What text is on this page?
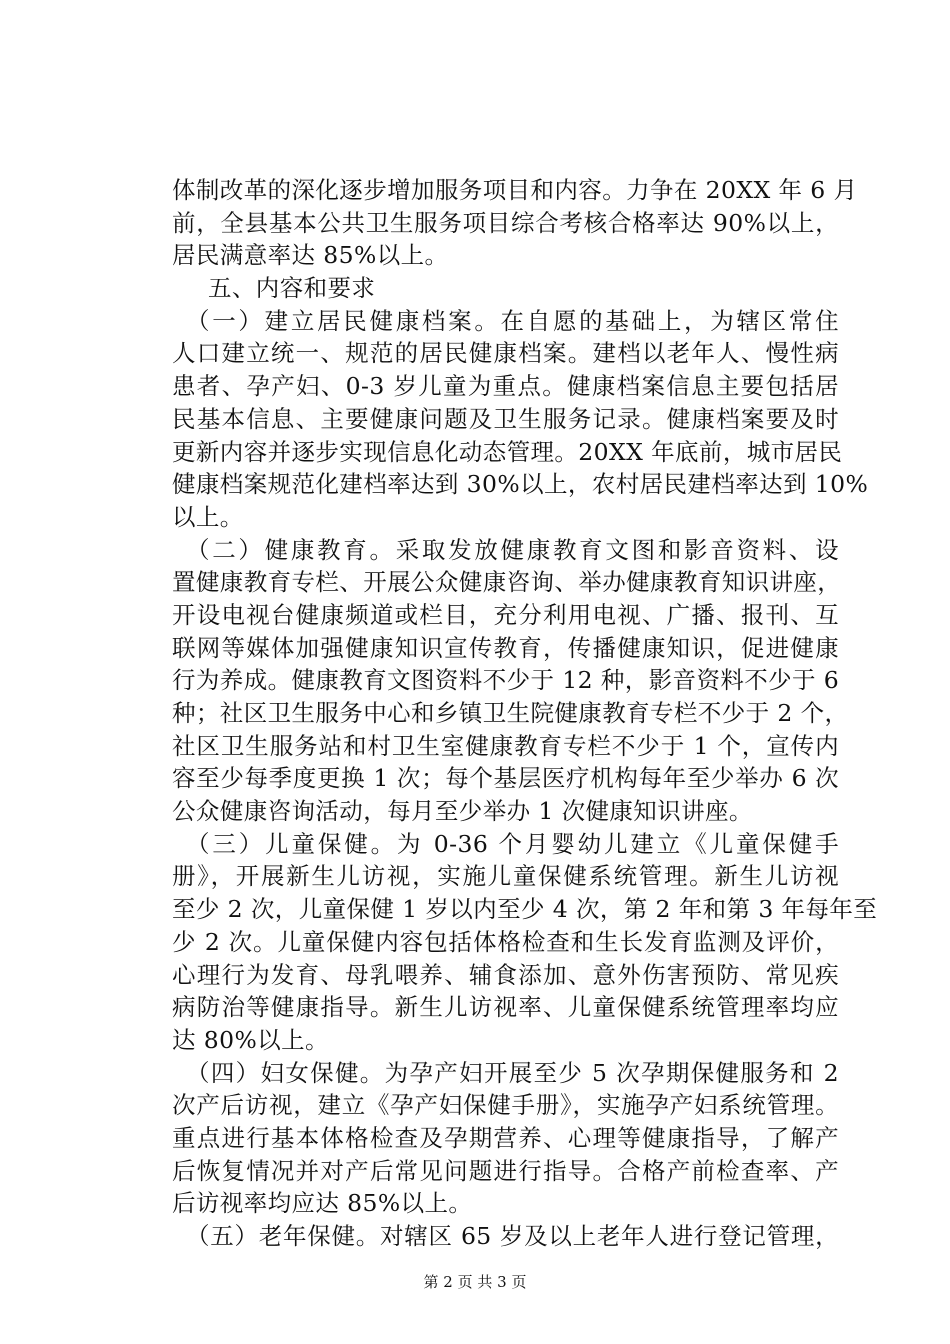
体制改革的深化逐步增加服务项目和内容。力争在 20XX 年 6 月
前，全县基本公共卫生服务项目综合考核合格率达 90%以上，
居民满意率达 85%以上。
五、内容和要求
（一）建立居民健康档案。在自愿的基础上，为辖区常住
人口建立统一、规范的居民健康档案。建档以老年人、慢性病
患者、孕产妇、0-3 岁儿童为重点。健康档案信息主要包括居
民基本信息、主要健康问题及卫生服务记录。健康档案要及时
更新内容并逐步实现信息化动态管理。20XX 年底前，城市居民
健康档案规范化建档率达到 30%以上，农村居民建档率达到 10%
以上。
（二）健康教育。采取发放健康教育文图和影音资料、设
置健康教育专栏、开展公众健康咨询、举办健康教育知识讲座，
开设电视台健康频道或栏目，充分利用电视、广播、报刊、互
联网等媒体加强健康知识宣传教育，传播健康知识，促进健康
行为养成。健康教育文图资料不少于 12 种，影音资料不少于 6
种；社区卫生服务中心和乡镇卫生院健康教育专栏不少于 2 个，
社区卫生服务站和村卫生室健康教育专栏不少于 1 个，宣传内
容至少每季度更换 1 次；每个基层医疗机构每年至少举办 6 次
公众健康咨询活动，每月至少举办 1 次健康知识讲座。
（三）儿童保健。为 0-36 个月婴幼儿建立《儿童保健手
册》，开展新生儿访视，实施儿童保健系统管理。新生儿访视
至少 2 次，儿童保健 1 岁以内至少 4 次，第 2 年和第 3 年每年至
少 2 次。儿童保健内容包括体格检查和生长发育监测及评价，
心理行为发育、母乳喂养、辅食添加、意外伤害预防、常见疾
病防治等健康指导。新生儿访视率、儿童保健系统管理率均应
达 80%以上。
（四）妇女保健。为孕产妇开展至少 5 次孕期保健服务和 2
次产后访视，建立《孕产妇保健手册》，实施孕产妇系统管理。
重点进行基本体格检查及孕期营养、心理等健康指导，了解产
后恢复情况并对产后常见问题进行指导。合格产前检查率、产
后访视率均应达 85%以上。
（五）老年保健。对辖区 65 岁及以上老年人进行登记管理，
第 2 页 共 3 页
